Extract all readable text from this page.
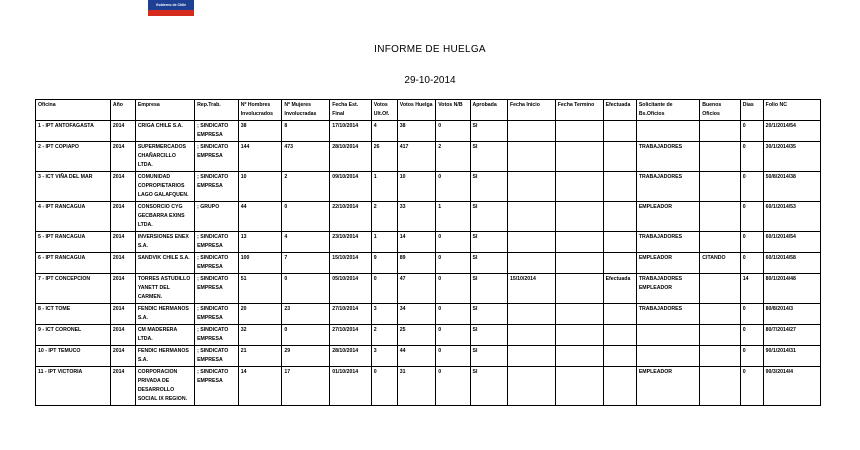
Gobierno de Chile
INFORME DE HUELGA
29-10-2014
Oficina	Año	Empresa	Rep.Trab.	Nº Hombres Involucrados	Nº Mujeres Involucradas	Fecha Est. Final	Votos Ult.Of.	Votos Huelga	Votos N/B	Aprobada	Fecha Inicio	Fecha Termino	Efectuada	Solicitante de Bs.Oficios	Buenos Oficios	Dias	Folio NC
1 - IPT ANTOFAGASTA	2014	CRIGA CHILE S.A.	; SINDICATO EMPRESA	38	8	17/10/2014	4	38	0	SI						0	20/1/2014/54
2 - IPT COPIAPO	2014	SUPERMERCADOS CHAÑARCILLO LTDA.	; SINDICATO EMPRESA	144	473	28/10/2014	26	417	2	SI				TRABAJADORES		0	30/1/2014/35
3 - ICT VIÑA DEL MAR	2014	COMUNIDAD COPROPIETARIOS LAGO GALAFQUEN.	; SINDICATO EMPRESA	10	2	09/10/2014	1	10	0	SI				TRABAJADORES		0	50/8/2014/38
4 - IPT RANCAGUA	2014	CONSORCIO CYG GECBARRA EXINS LTDA.	; GRUPO	44	0	22/10/2014	2	33	1	SI				EMPLEADOR		0	60/1/2014/53
5 - IPT RANCAGUA	2014	INVERSIONES ENEX S.A.	; SINDICATO EMPRESA	13	4	23/10/2014	1	14	0	SI				TRABAJADORES		0	60/1/2014/54
6 - IPT RANCAGUA	2014	SANDVIK CHILE S.A.	; SINDICATO EMPRESA	100	7	15/10/2014	9	89	0	SI				EMPLEADOR	CITANDO	0	60/1/2014/58
7 - IPT CONCEPCION	2014	TORRES ASTUDILLO YANETT DEL CARMEN.	; SINDICATO EMPRESA	51	0	05/10/2014	0	47	0	SI	15/10/2014		Efectuada	TRABAJADORES EMPLEADOR		14	80/1/2014/48
8 - ICT TOME	2014	FENDIC HERMANOS S.A.	; SINDICATO EMPRESA	20	23	27/10/2014	3	34	0	SI				TRABAJADORES		0	80/8/2014/3
9 - ICT CORONEL	2014	CM MADERERA LTDA.	; SINDICATO EMPRESA	32	0	27/10/2014	2	25	0	SI						0	80/7/2014/27
10 - IPT TEMUCO	2014	FENDIC HERMANOS S.A.	; SINDICATO EMPRESA	21	29	28/10/2014	3	44	0	SI						0	90/1/2014/31
11 - IPT VICTORIA	2014	CORPORACION PRIVADA DE DESARROLLO SOCIAL IX REGION.	; SINDICATO EMPRESA	14	17	01/10/2014	0	31	0	SI				EMPLEADOR		0	90/3/2014/4
